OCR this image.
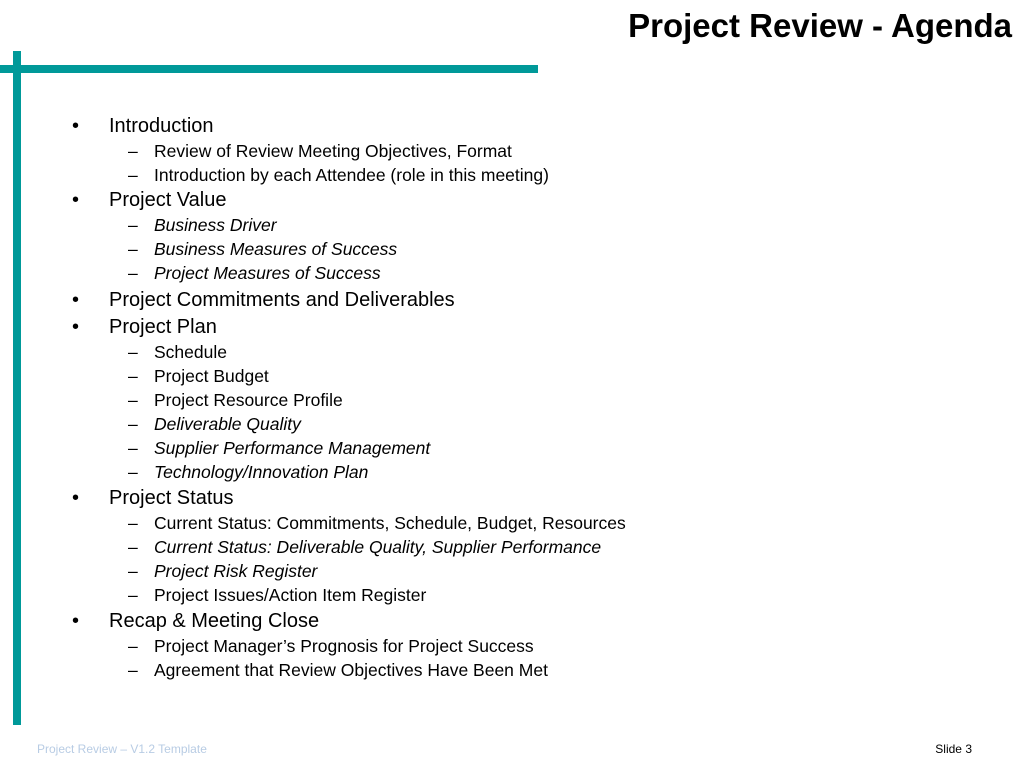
Project Review - Agenda
• Introduction
– Review of Review Meeting Objectives, Format
– Introduction by each Attendee (role in this meeting)
• Project Value
– Business Driver
– Business Measures of Success
– Project Measures of Success
• Project Commitments and Deliverables
• Project Plan
– Schedule
– Project Budget
– Project Resource Profile
– Deliverable Quality
– Supplier Performance Management
– Technology/Innovation Plan
• Project Status
– Current Status: Commitments, Schedule, Budget, Resources
– Current Status: Deliverable Quality, Supplier Performance
– Project Risk Register
– Project Issues/Action Item Register
• Recap & Meeting Close
– Project Manager’s Prognosis for Project Success
– Agreement that Review Objectives Have Been Met
Project Review – V1.2 Template	Slide 3
